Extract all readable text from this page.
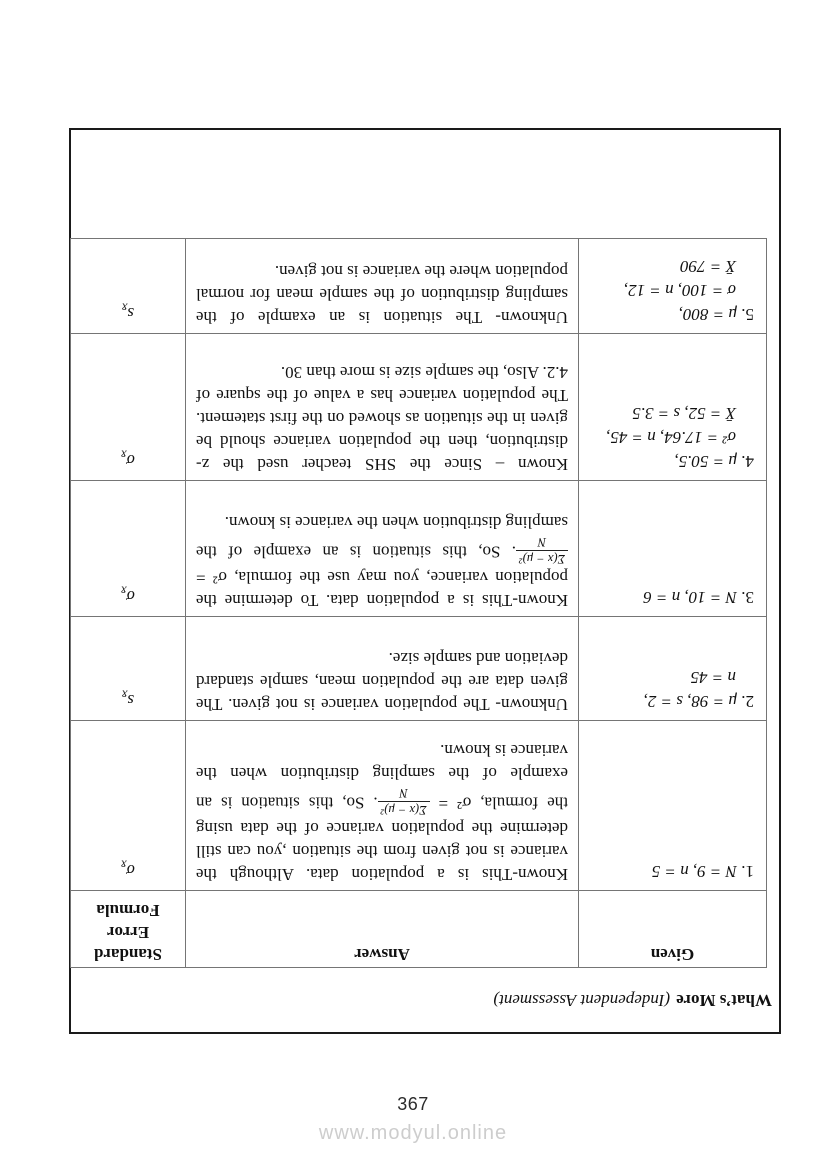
What’s More
(Independent Assessment)
Given	Answer	Standard Error Formula

1. N = 9, n = 5	Known-This is a population data. Although the variance is not given from the situation ,you can still determine the population variance of the data using the formula, σ² =
Σ(x − μ)²
N
. So, this situation is an example of the sampling distribution when the variance is known.	$\sigma_{x̄}$

2. μ = 98, s = 2,
n = 45	Unknown- The population variance is not given. The given data are the population mean, sample standard deviation and sample size.	$s_{x̄}$

3. N = 10, n = 6	Known-This is a population data. To determine the population variance, you may use the formula, σ² =
Σ(x − μ)²
N
. So, this situation is an example of the sampling distribution when the variance is known.	$\sigma_{x̄}$

4. μ = 50.5,
σ² = 17.64, n = 45,
X̄ = 52, s = 3.5
	Known – Since the SHS teacher used the z-distribution, then the population variance should be given in the situation as showed on the first statement. The population variance has a value of the square of 4.2. Also, the sample size is more than 30.	$\sigma_{x̄}$

5. μ = 800,
σ = 100, n = 12,
X̄ = 790	Unknown- The situation is an example of the sampling distribution of the sample mean for normal population where the variance is not given.	$s_{x̄}$
367
www.modyul.online
